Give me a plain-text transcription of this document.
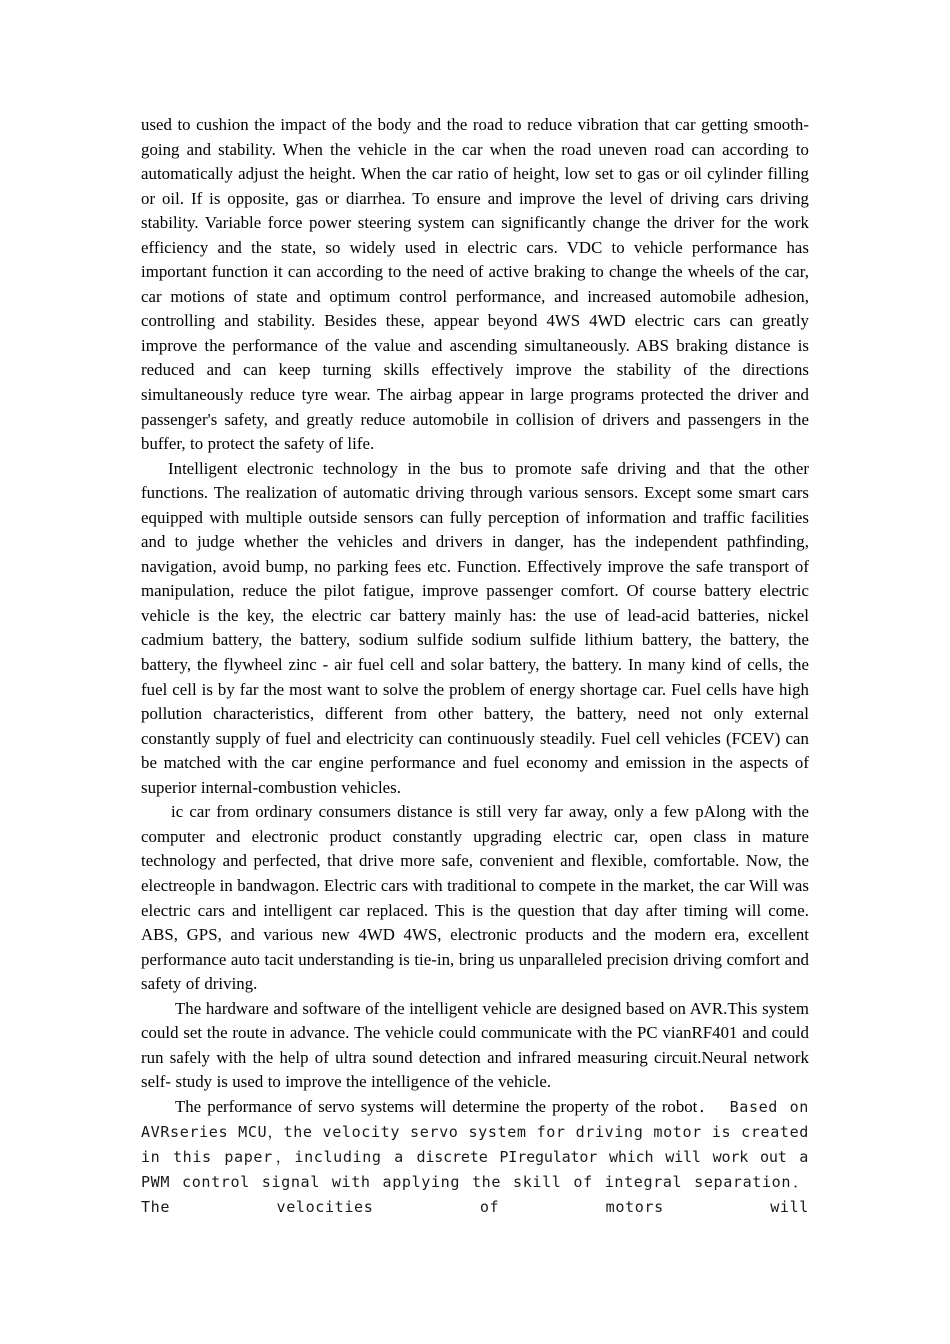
used to cushion the impact of the body and the road to reduce vibration that car getting smooth-going and stability. When the vehicle in the car when the road uneven road can according to automatically adjust the height. When the car ratio of height, low set to gas or oil cylinder filling or oil. If is opposite, gas or diarrhea. To ensure and improve the level of driving cars driving stability. Variable force power steering system can significantly change the driver for the work efficiency and the state, so widely used in electric cars. VDC to vehicle performance has important function it can according to the need of active braking to change the wheels of the car, car motions of state and optimum control performance, and increased automobile adhesion, controlling and stability. Besides these, appear beyond 4WS 4WD electric cars can greatly improve the performance of the value and ascending simultaneously. ABS braking distance is reduced and can keep turning skills effectively improve the stability of the directions simultaneously reduce tyre wear. The airbag appear in large programs protected the driver and passenger's safety, and greatly reduce automobile in collision of drivers and passengers in the buffer, to protect the safety of life.

Intelligent electronic technology in the bus to promote safe driving and that the other functions. The realization of automatic driving through various sensors. Except some smart cars equipped with multiple outside sensors can fully perception of information and traffic facilities and to judge whether the vehicles and drivers in danger, has the independent pathfinding, navigation, avoid bump, no parking fees etc. Function. Effectively improve the safe transport of manipulation, reduce the pilot fatigue, improve passenger comfort. Of course battery electric vehicle is the key, the electric car battery mainly has: the use of lead-acid batteries, nickel cadmium battery, the battery, sodium sulfide sodium sulfide lithium battery, the battery, the battery, the flywheel zinc - air fuel cell and solar battery, the battery. In many kind of cells, the fuel cell is by far the most want to solve the problem of energy shortage car. Fuel cells have high pollution characteristics, different from other battery, the battery, need not only external constantly supply of fuel and electricity can continuously steadily. Fuel cell vehicles (FCEV) can be matched with the car engine performance and fuel economy and emission in the aspects of superior internal-combustion vehicles.

ic car from ordinary consumers distance is still very far away, only a few pAlong with the computer and electronic product constantly upgrading electric car, open class in mature technology and perfected, that drive more safe, convenient and flexible, comfortable. Now, the electreople in bandwagon. Electric cars with traditional to compete in the market, the car Will was electric cars and intelligent car replaced. This is the question that day after timing will come. ABS, GPS, and various new 4WD 4WS, electronic products and the modern era, excellent performance auto tacit understanding is tie-in, bring us unparalleled precision driving comfort and safety of driving.

The hardware and software of the intelligent vehicle are designed based on AVR.This system could set the route in advance. The vehicle could communicate with the PC vianRF401 and could run safely with the help of ultra sound detection and infrared measuring circuit.Neural network self- study is used to improve the intelligence of the vehicle.

The performance of servo systems will determine the property of the robot． Based on AVRseries MCU，the velocity servo system for driving motor is created in this paper，including a discrete PIregulator which will work out a PWM control signal with applying the skill of integral separation． The velocities of motors will
